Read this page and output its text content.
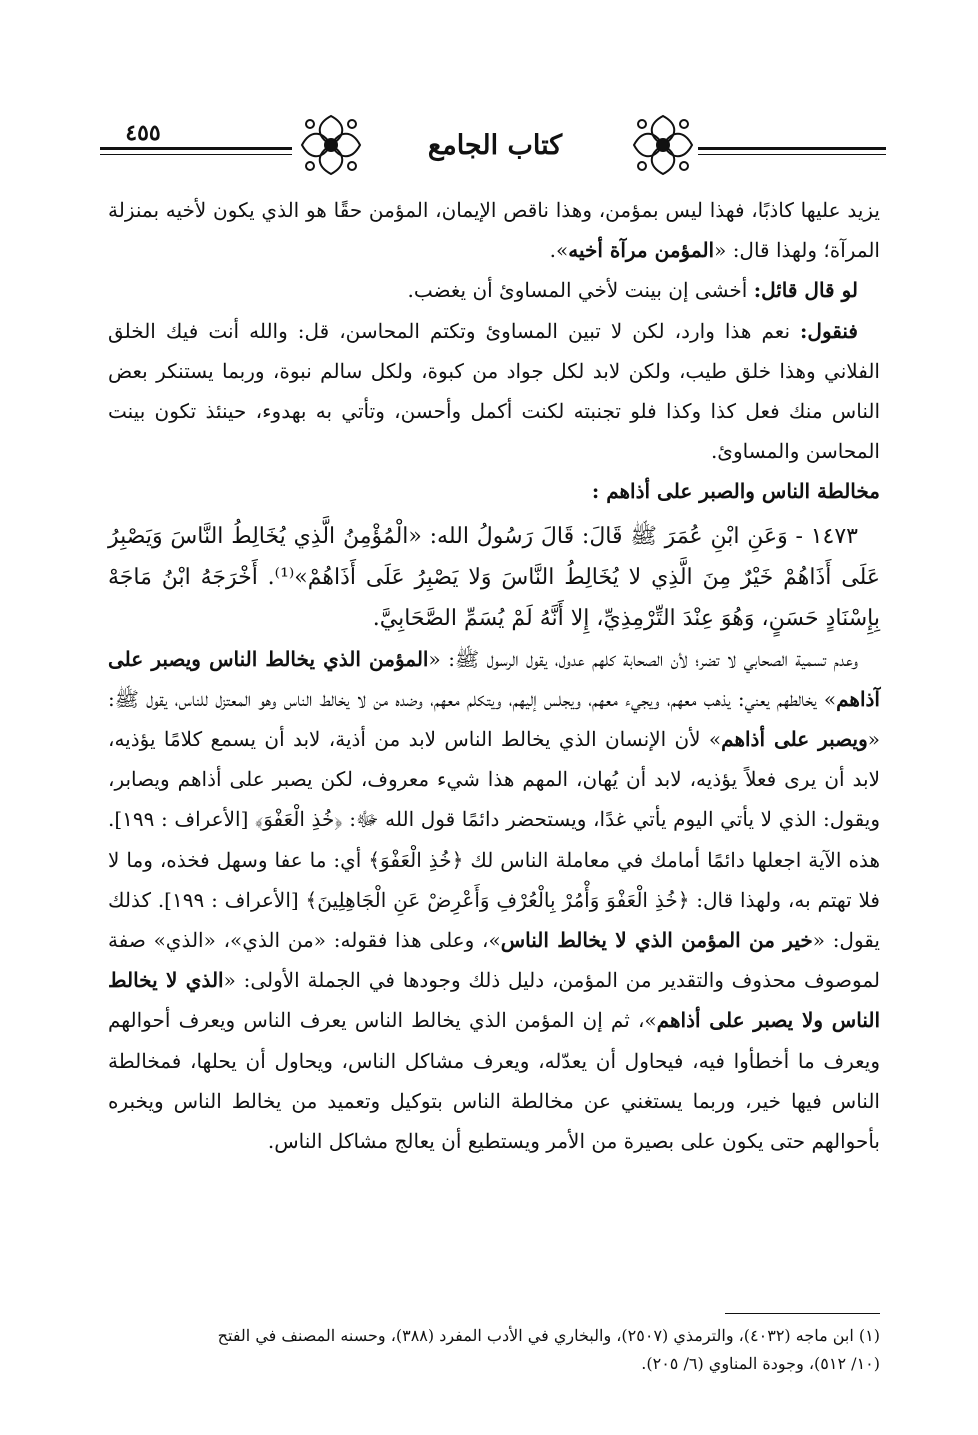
٤٥٥	كتاب الجامع

يزيد عليها كاذبًا، فهذا ليس بمؤمن، وهذا ناقص الإيمان، المؤمن حقًا هو الذي يكون لأخيه بمنزلة المرآة؛ ولهذا قال: «المؤمن مرآة أخيه».

لو قال قائل: أخشى إن بينت لأخي المساوئ أن يغضب.

فنقول: نعم هذا وارد، لكن لا تبين المساوئ وتكتم المحاسن، قل: والله أنت فيك الخلق الفلاني وهذا خلق طيب، ولكن لابد لكل جواد من كبوة، ولكل سالم نبوة، وربما يستنكر بعض الناس منك فعل كذا وكذا فلو تجنبته لكنت أكمل وأحسن، وتأتي به بهدوء، حينئذ تكون بينت المحاسن والمساوئ.

مخالطة الناس والصبر على أذاهم :

١٤٧٣ - وَعَنِ ابْنِ عُمَرَ ﷺ قَالَ: قَالَ رَسُولُ الله: «الْمُؤْمِنُ الَّذِي يُخَالِطُ النَّاسَ وَيَصْبِرُ عَلَى أَذَاهُمْ خَيْرٌ مِنَ الَّذِي لا يُخَالِطُ النَّاسَ وَلا يَصْبِرُ عَلَى أَذَاهُمْ»⁽¹⁾. أَخْرَجَهُ ابْنُ مَاجَهْ بِإِسْنَادٍ حَسَنٍ، وَهُوَ عِنْدَ التِّرْمِذِيِّ، إِلا أَنَّهُ لَمْ يُسَمِّ الصَّحَابِيَّ.

وعدم تسمية الصحابي لا تضر؛ لأن الصحابة كلهم عدول، يقول الرسول ﷺ: «المؤمن الذي يخالط الناس ويصبر على آذاهم» يخالطهم يعني: يذهب معهم، ويجيء معهم، ويجلس إليهم، ويتكلم معهم، وضده من لا يخالط الناس وهو المعتزل للناس، يقول ﷺ: «ويصبر على أذاهم» لأن الإنسان الذي يخالط الناس لابد من أذية، لابد أن يسمع كلامًا يؤذيه، لابد أن يرى فعلاً يؤذيه، لابد أن يُهان، المهم هذا شيء معروف، لكن يصبر على أذاهم ويصابر، ويقول: الذي لا يأتي اليوم يأتي غدًا، ويستحضر دائمًا قول الله ﷻ: ﴿خُذِ الْعَفْوَ﴾ [الأعراف : ١٩٩]. هذه الآية اجعلها دائمًا أمامك في معاملة الناس لك ﴿خُذِ الْعَفْوَ﴾ أي: ما عفا وسهل فخذه، وما لا فلا تهتم به، ولهذا قال: ﴿خُذِ الْعَفْوَ وَأْمُرْ بِالْعُرْفِ وَأَعْرِضْ عَنِ الْجَاهِلِينَ﴾ [الأعراف : ١٩٩]. كذلك يقول: «خير من المؤمن الذي لا يخالط الناس»، وعلى هذا فقوله: «من الذي»، «الذي» صفة لموصوف محذوف والتقدير من المؤمن، دليل ذلك وجودها في الجملة الأولى: «الذي لا يخالط الناس ولا يصبر على أذاهم»، ثم إن المؤمن الذي يخالط الناس يعرف الناس ويعرف أحوالهم ويعرف ما أخطأوا فيه، فيحاول أن يعدّله، ويعرف مشاكل الناس، ويحاول أن يحلها، فمخالطة الناس فيها خير، وربما يستغني عن مخالطة الناس بتوكيل وتعميد من يخالط الناس ويخبره بأحوالهم حتى يكون على بصيرة من الأمر ويستطيع أن يعالج مشاكل الناس.

(١) ابن ماجه (٤٠٣٢)، والترمذي (٢٥٠٧)، والبخاري في الأدب المفرد (٣٨٨)، وحسنه المصنف في الفتح

(١٠/ ٥١٢)، وجودة المناوي (٦/ ٢٠٥).
